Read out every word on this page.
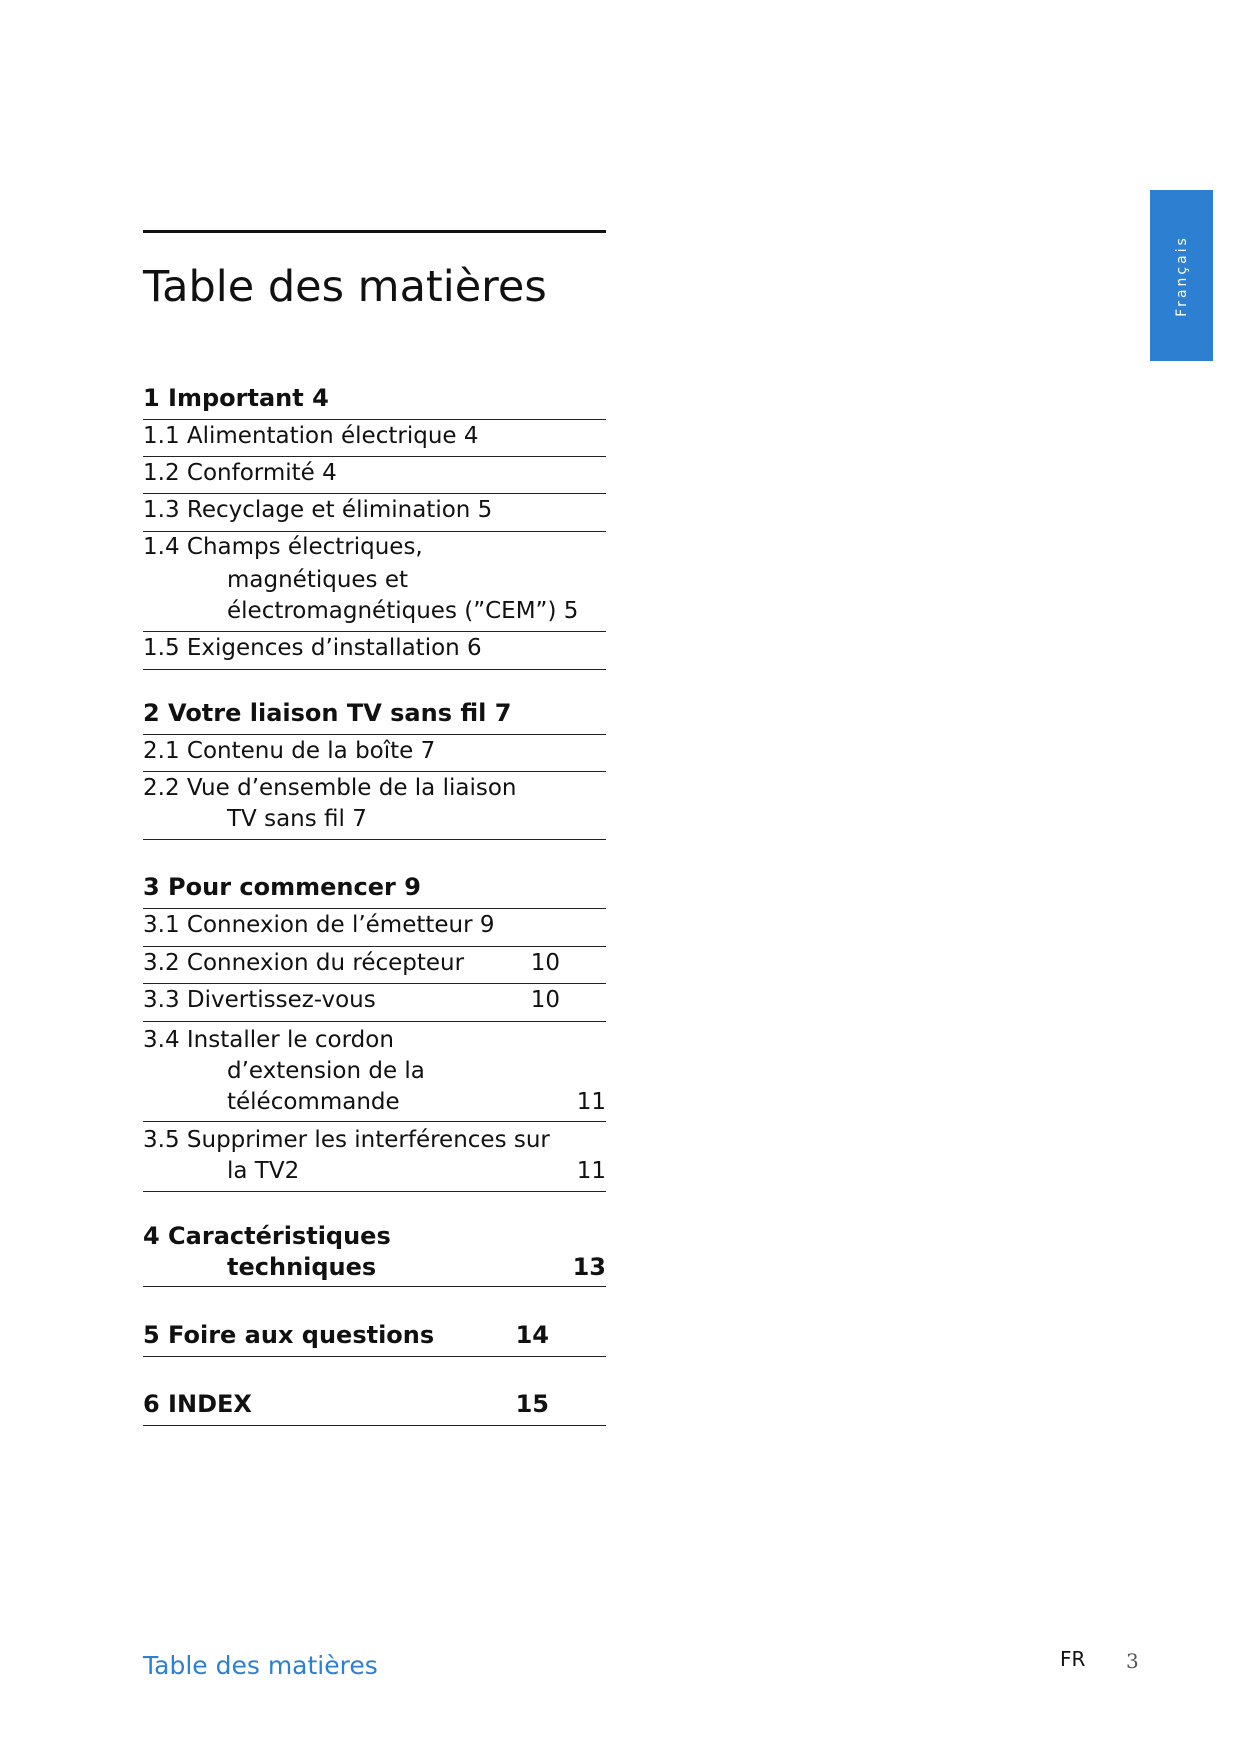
Français
Table des matières
1 Important 4
1.1 Alimentation électrique 4
1.2 Conformité 4
1.3 Recyclage et élimination 5
1.4 Champs électriques,
magnétiques et
électromagnétiques (”CEM”) 5
1.5 Exigences d’installation 6
2 Votre liaison TV sans fil 7
2.1 Contenu de la boîte 7
2.2 Vue d’ensemble de la liaison
TV sans fil 7
3 Pour commencer 9
3.1 Connexion de l’émetteur 9
3.2 Connexion du récepteur	10
3.3 Divertissez-vous	10
3.4 Installer le cordon
d’extension de la
télécommande	11
3.5 Supprimer les interférences sur
la TV2	11
4 Caractéristiques
techniques	13
5 Foire aux questions	14
6 INDEX	15
Table des matières	FR 3
